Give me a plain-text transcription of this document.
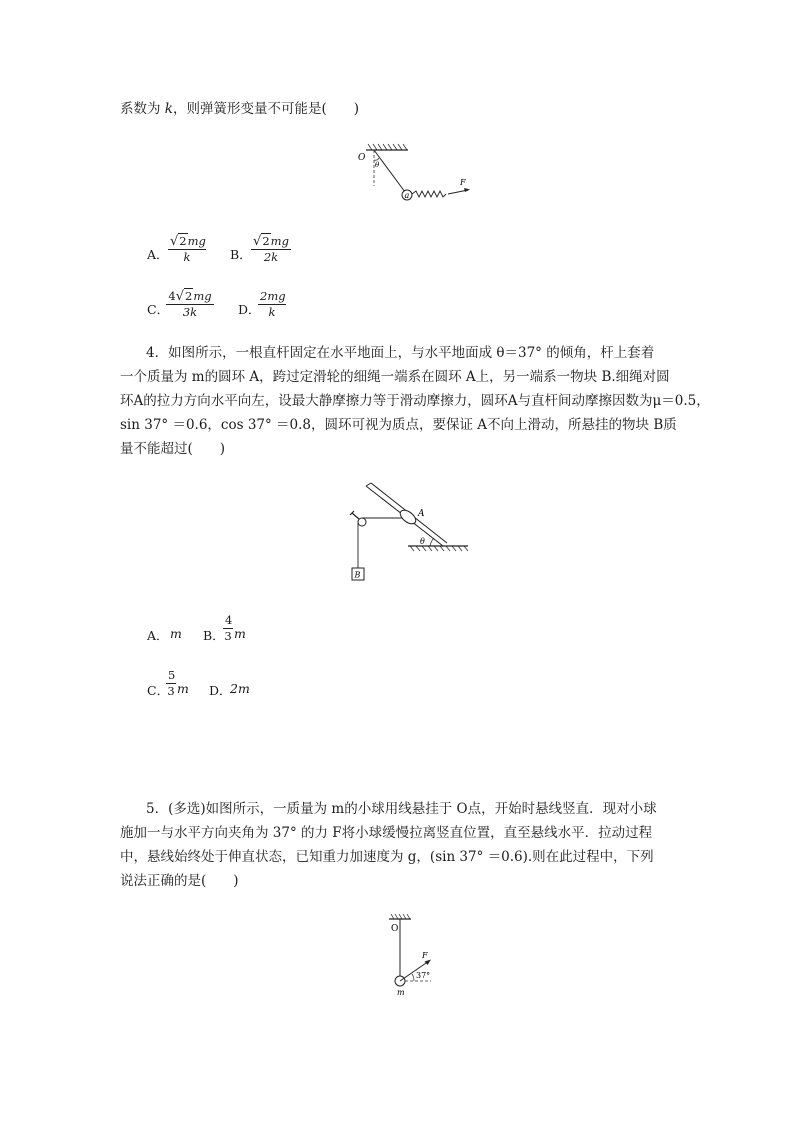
系数为 k，则弹簧形变量不可能是(　　)
a
O
θ
F
A．
√2mg
k	B．
√2mg
2k
C．
4√2mg
3k	D．
2mg
k
4．如图所示，一根直杆固定在水平地面上，与水平地面成 θ＝37° 的倾角，杆上套着
一个质量为 m的圆环 A，跨过定滑轮的细绳一端系在圆环 A上，另一端系一物块 B.细绳对圆
环A的拉力方向水平向左，设最大静摩擦力等于滑动摩擦力，圆环A与直杆间动摩擦因数为μ＝0.5，
sin 37° ＝0.6，cos 37° ＝0.8，圆环可视为质点，要保证 A不向上滑动，所悬挂的物块 B质
量不能超过(　　)
A
θ
B
A． m B．
4
3 m
C．
5
3 m D．
2m
5．(多选)如图所示，一质量为 m的小球用线悬挂于 O点，开始时悬线竖直．现对小球
施加一与水平方向夹角为 37° 的力 F将小球缓慢拉离竖直位置，直至悬线水平．拉动过程
中，悬线始终处于伸直状态，已知重力加速度为 g，(sin 37° ＝0.6).则在此过程中，下列
说法正确的是(　　)
O
F
37°
m
